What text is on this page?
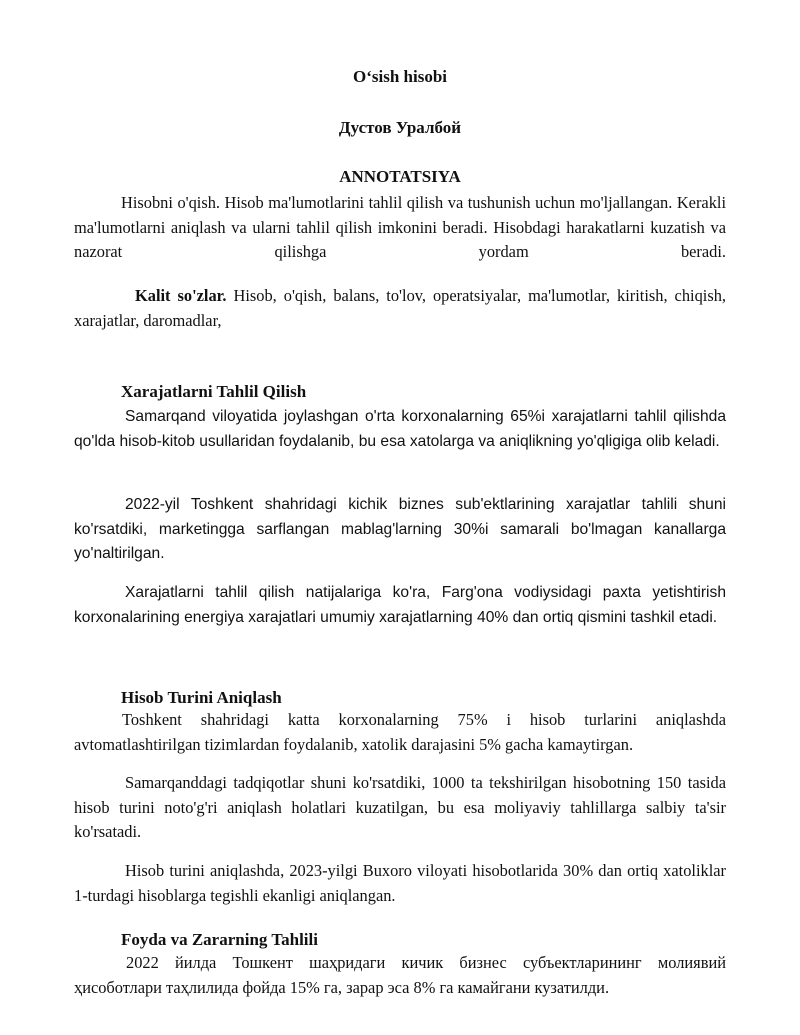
O‘sish hisobi

Дустов Уралбой

ANNOTATSIYA

Hisobni o'qish. Hisob ma'lumotlarini tahlil qilish va tushunish uchun mo'ljallangan. Kerakli ma'lumotlarni aniqlash va ularni tahlil qilish imkonini beradi. Hisobdagi harakatlarni kuzatish va nazorat qilishga yordam beradi.

Kalit so'zlar. Hisob, o'qish, balans, to'lov, operatsiyalar, ma'lumotlar, kiritish, chiqish, xarajatlar, daromadlar,

Xarajatlarni Tahlil Qilish

Samarqand viloyatida joylashgan o'rta korxonalarning 65%i xarajatlarni tahlil qilishda qo'lda hisob-kitob usullaridan foydalanib, bu esa xatolarga va aniqlikning yo'qligiga olib keladi.

2022-yil Toshkent shahridagi kichik biznes sub'ektlarining xarajatlar tahlili shuni ko'rsatdiki, marketingga sarflangan mablag'larning 30%i samarali bo'lmagan kanallarga yo'naltirilgan.

Xarajatlarni tahlil qilish natijalariga ko'ra, Farg'ona vodiysidagi paxta yetishtirish korxonalarining energiya xarajatlari umumiy xarajatlarning 40% dan ortiq qismini tashkil etadi.

Hisob Turini Aniqlash

Toshkent shahridagi katta korxonalarning 75% i hisob turlarini aniqlashda avtomatlashtirilgan tizimlardan foydalanib, xatolik darajasini 5% gacha kamaytirgan.

Samarqanddagi tadqiqotlar shuni ko'rsatdiki, 1000 ta tekshirilgan hisobotning 150 tasida hisob turini noto'g'ri aniqlash holatlari kuzatilgan, bu esa moliyaviy tahlillarga salbiy ta'sir ko'rsatadi.

Hisob turini aniqlashda, 2023-yilgi Buxoro viloyati hisobotlarida 30% dan ortiq xatoliklar 1-turdagi hisoblarga tegishli ekanligi aniqlangan.

Foyda va Zararning Tahlili

2022 йилда Тошкент шаҳридаги кичик бизнес субъектларининг молиявий ҳисоботлари таҳлилида фойда 15% га, зарар эса 8% га камайгани кузатилди.
